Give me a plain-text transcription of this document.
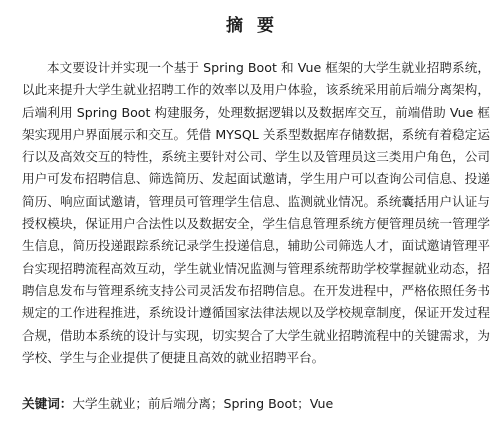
摘要

本文要设计并实现一个基于 Spring Boot 和 Vue 框架的大学生就业招聘系统，以此来提升大学生就业招聘工作的效率以及用户体验，该系统采用前后端分离架构，后端利用 Spring Boot 构建服务，处理数据逻辑以及数据库交互，前端借助 Vue 框架实现用户界面展示和交互。凭借 MYSQL 关系型数据库存储数据，系统有着稳定运行以及高效交互的特性，系统主要针对公司、学生以及管理员这三类用户角色，公司用户可发布招聘信息、筛选简历、发起面试邀请，学生用户可以查询公司信息、投递简历、响应面试邀请，管理员可管理学生信息、监测就业情况。系统囊括用户认证与授权模块，保证用户合法性以及数据安全，学生信息管理系统方便管理员统一管理学生信息，简历投递跟踪系统记录学生投递信息，辅助公司筛选人才，面试邀请管理平台实现招聘流程高效互动，学生就业情况监测与管理系统帮助学校掌握就业动态，招聘信息发布与管理系统支持公司灵活发布招聘信息。在开发进程中，严格依照任务书规定的工作进程推进，系统设计遵循国家法律法规以及学校规章制度，保证开发过程合规，借助本系统的设计与实现，切实契合了大学生就业招聘流程中的关键需求，为学校、学生与企业提供了便捷且高效的就业招聘平台。

关键词：大学生就业；前后端分离；Spring Boot；Vue
